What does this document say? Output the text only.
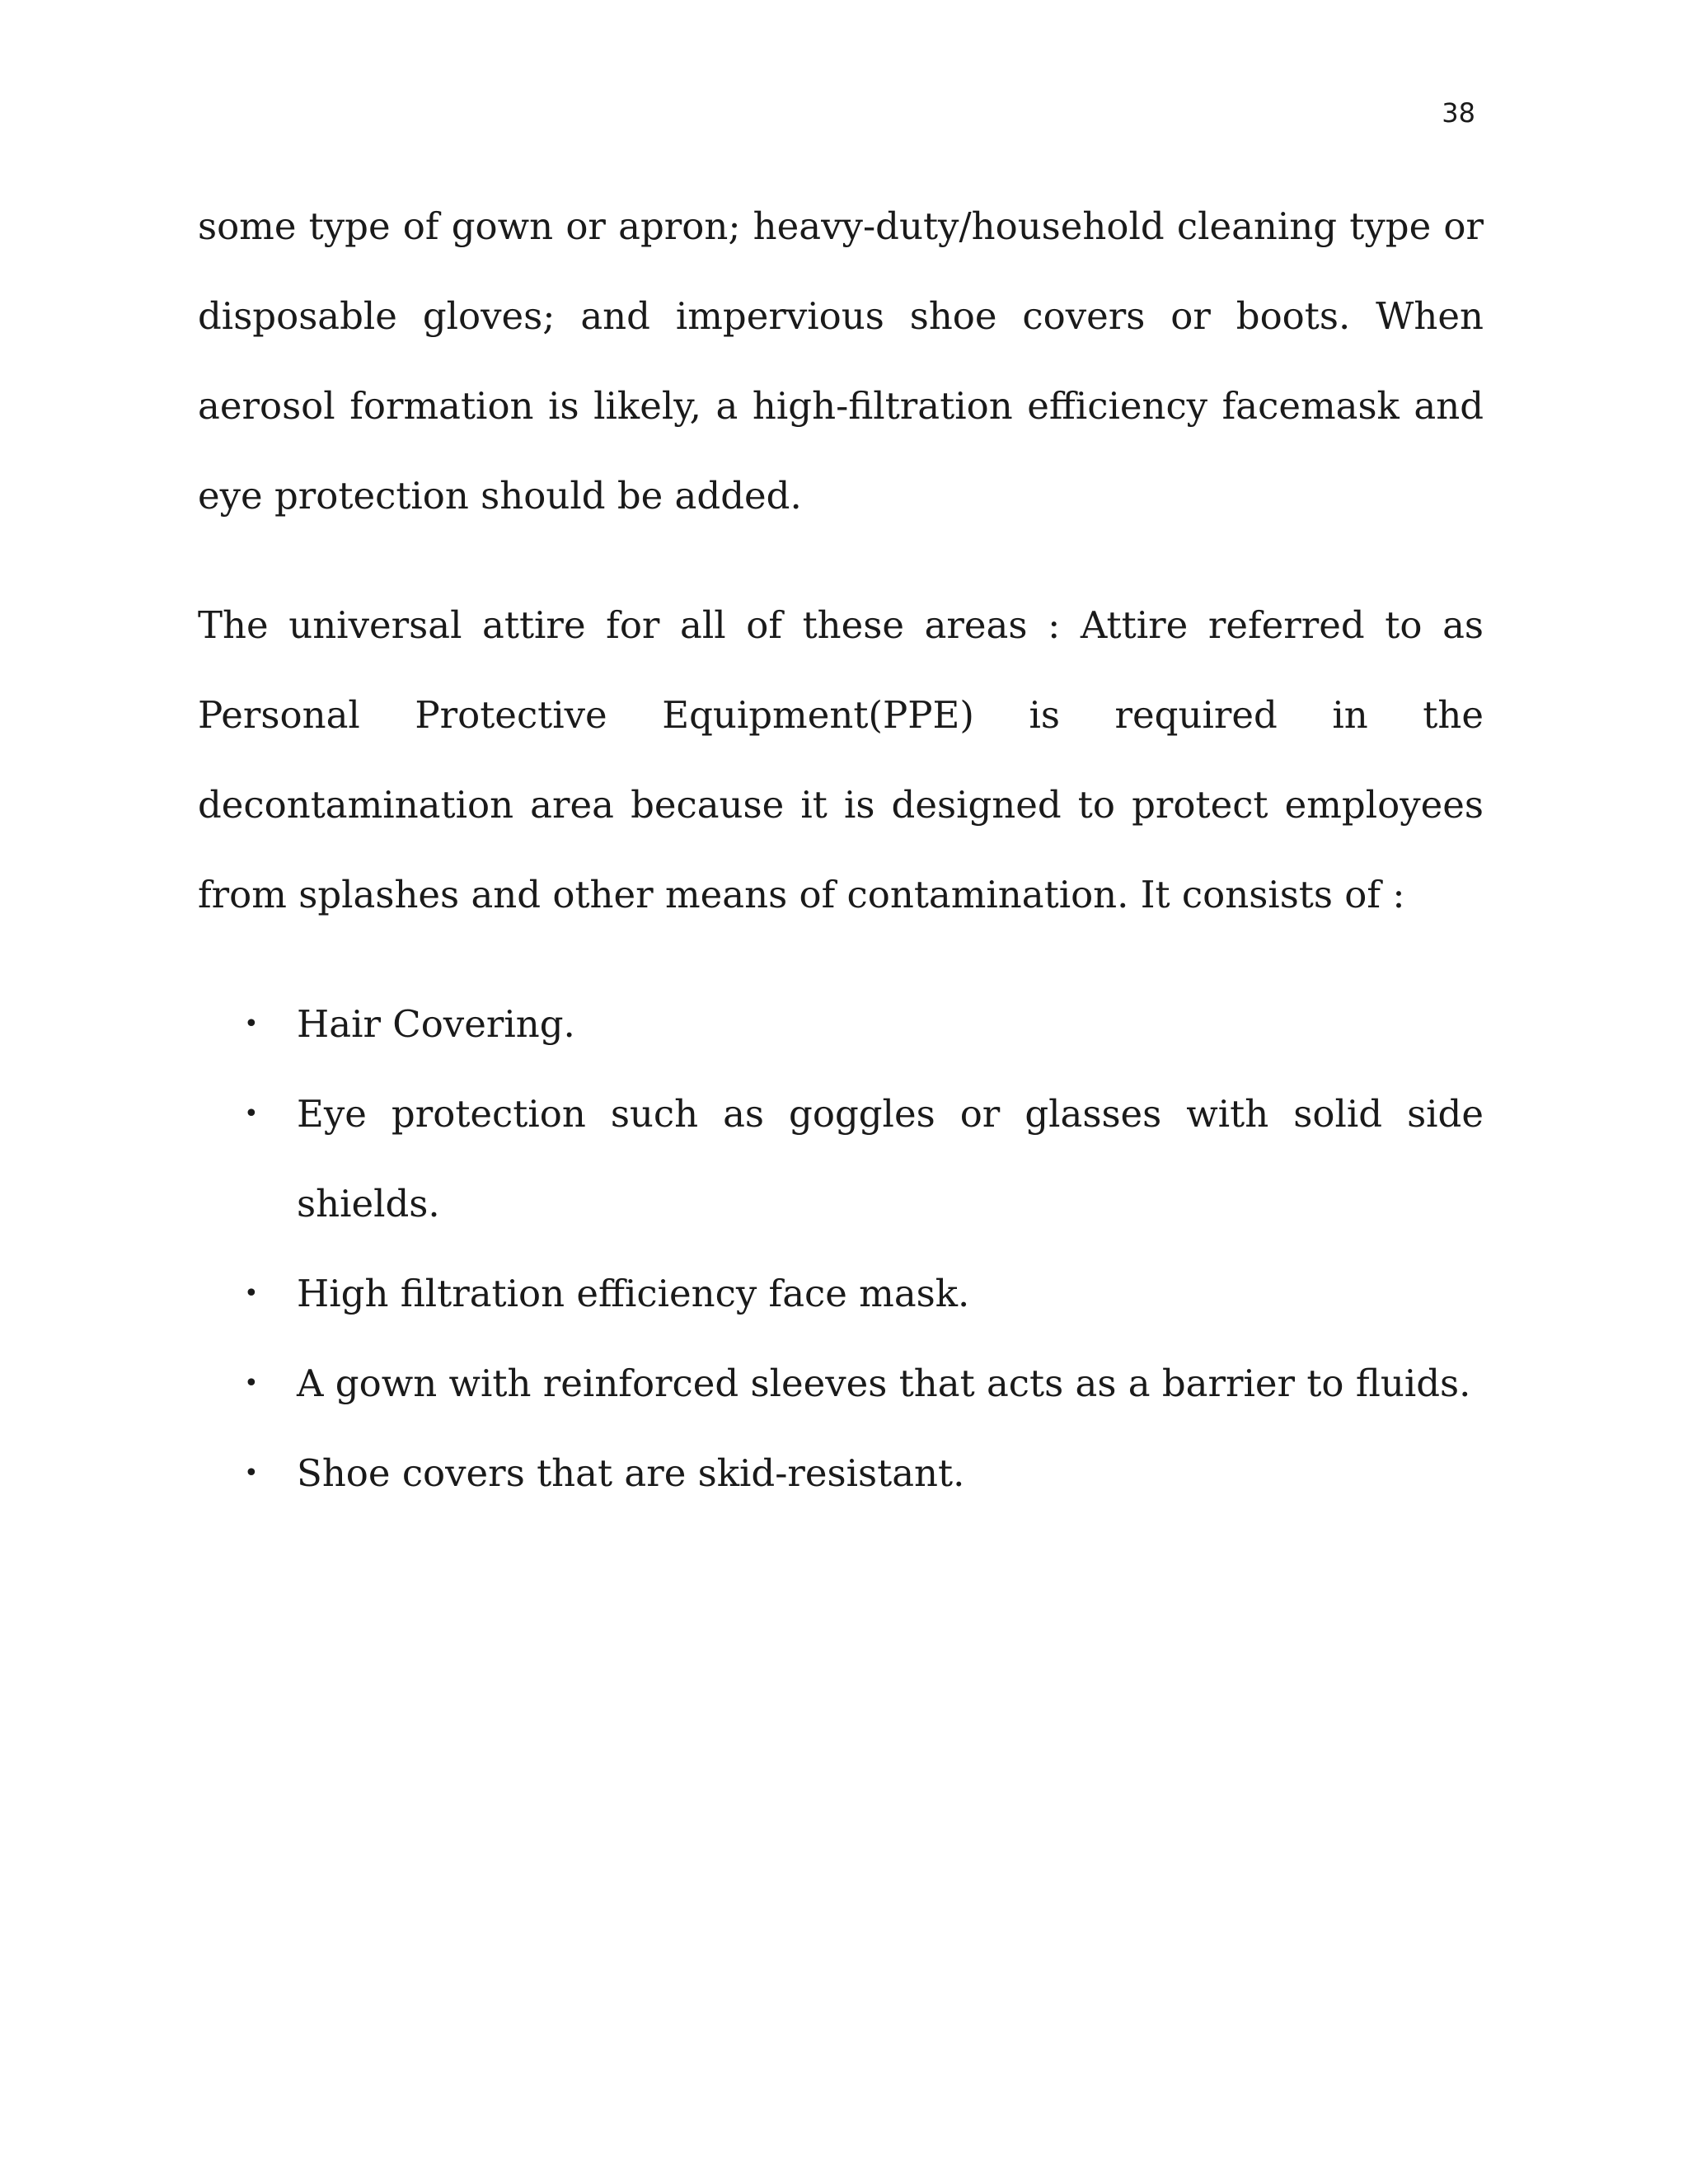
38

some type of gown or apron; heavy-duty/household cleaning type or disposable gloves; and impervious shoe covers or boots. When aerosol formation is likely, a high-filtration efficiency facemask and eye protection should be added.

The universal attire for all of these areas : Attire referred to as Personal Protective Equipment(PPE) is required in the decontamination area because it is designed to protect employees from splashes and other means of contamination. It consists of :

• Hair Covering.
• Eye protection such as goggles or glasses with solid side shields.
• High filtration efficiency face mask.
• A gown with reinforced sleeves that acts as a barrier to fluids.
• Shoe covers that are skid-resistant.
